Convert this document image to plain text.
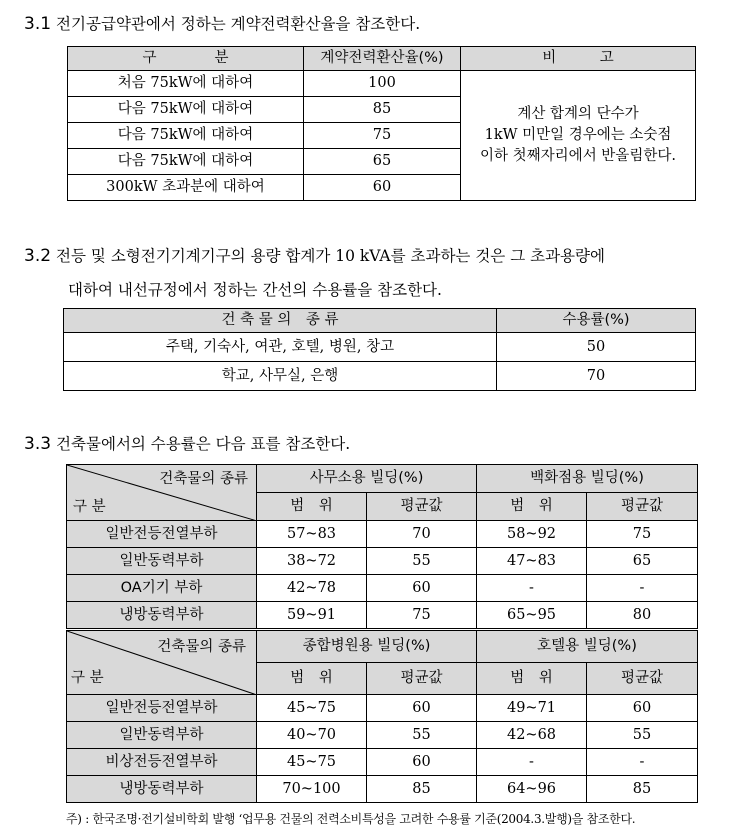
3.1 전기공급약관에서 정하는 계약전력환산율을 참조한다.
구　　　　분	계약전력환산율(%)	비　　　고
처음 75kW에 대하여	100	계산 합계의 단수가
1kW 미만일 경우에는 소숫점
이하 첫째자리에서 반올림한다.

다음 75kW에 대하여	85	
다음 75kW에 대하여	75	
다음 75kW에 대하여	65	
300kW 초과분에 대하여	60	
3.2 전등 및 소형전기기계기구의 용량 합계가 10 kVA를 초과하는 것은 그 초과용량에
대하여 내선규정에서 정하는 간선의 수용률을 참조한다.
건 축 물 의　종 류	수용률(%)
주택, 기숙사, 여관, 호텔, 병원, 창고	50
학교, 사무실, 은행	70
3.3 건축물에서의 수용률은 다음 표를 참조한다.
건축물의 종류
구 분	사무소용 빌딩(%)		백화점용 빌딩(%)	
	범　위	평균값	범　위	평균값
일반전등전열부하	57~83	70	58~92	75
일반동력부하	38~72	55	47~83	65
OA기기 부하	42~78	60	-	-
냉방동력부하	59~91	75	65~95	80
건축물의 종류
구 분	종합병원용 빌딩(%)		호텔용 빌딩(%)	
	범　위	평균값	범　위	평균값
일반전등전열부하	45~75	60	49~71	60
일반동력부하	40~70	55	42~68	55
비상전등전열부하	45~75	60	-	-
냉방동력부하	70~100	85	64~96	85
주) : 한국조명·전기설비학회 발행 ‘업무용 건물의 전력소비특성을 고려한 수용률 기준(2004.3.발행)을 참조한다.
